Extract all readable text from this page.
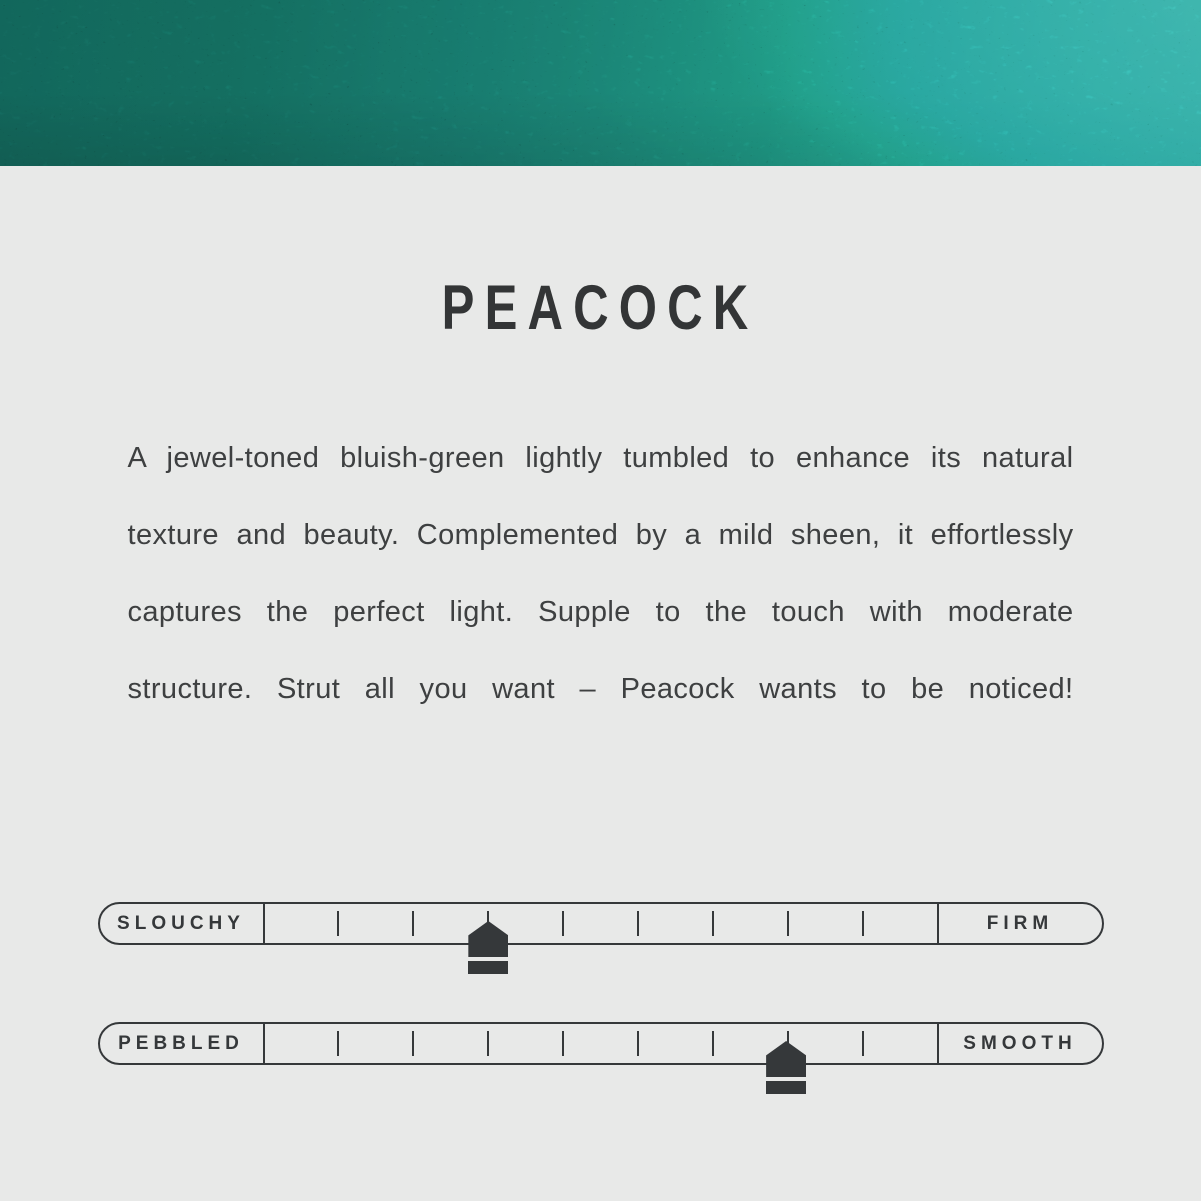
PEACOCK
A jewel-toned bluish-green lightly tumbled to enhance its natural
texture and beauty. Complemented by a mild sheen, it effortlessly
captures the perfect light. Supple to the touch with moderate
structure. Strut all you want – Peacock wants to be noticed!
SLOUCHY	FIRM
PEBBLED	SMOOTH
